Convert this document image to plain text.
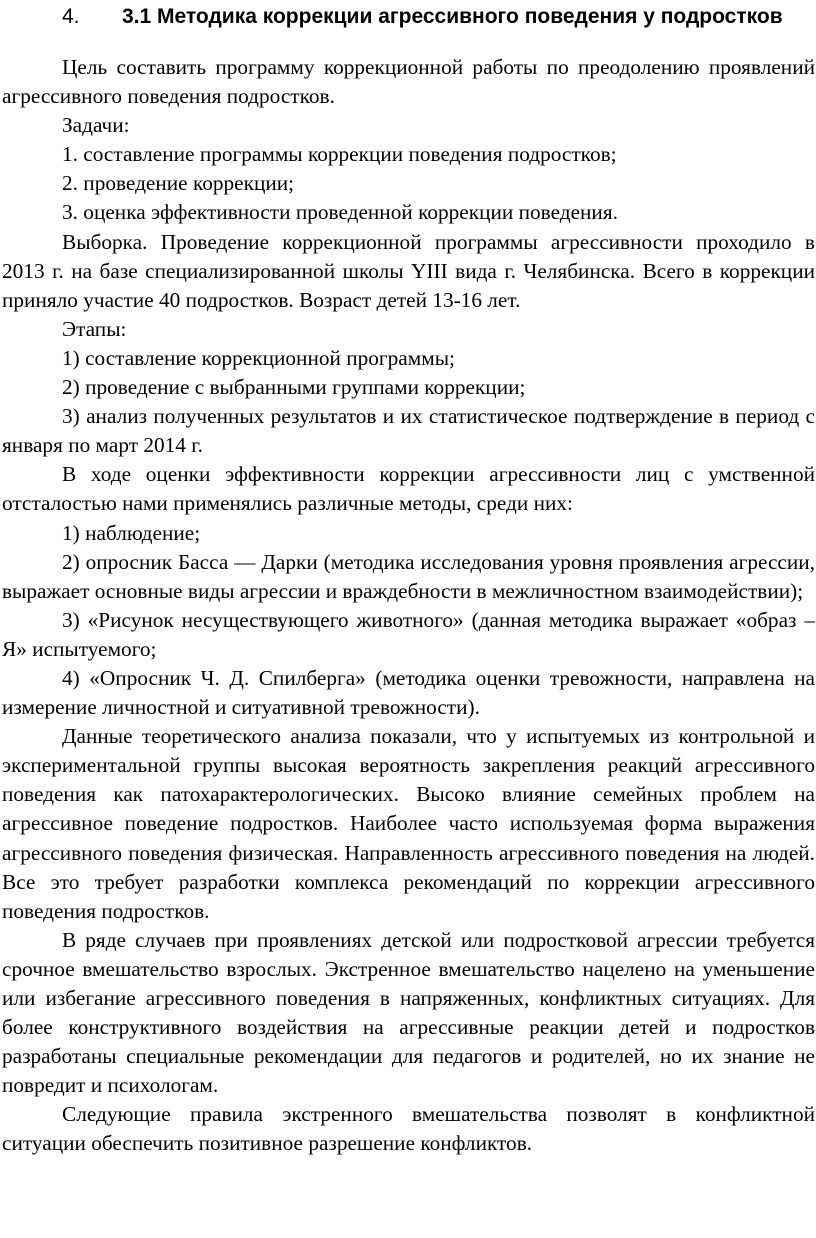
4. 3.1 Методика коррекции агрессивного поведения у подростков

Цель составить программу коррекционной работы по преодолению проявлений агрессивного поведения подростков.

Задачи:

1. составление программы коррекции поведения подростков;

2. проведение коррекции;

3. оценка эффективности проведенной коррекции поведения.

Выборка. Проведение коррекционной программы агрессивности проходило в 2013 г. на базе специализированной школы YIII вида г. Челябинска. Всего в коррекции приняло участие 40 подростков. Возраст детей 13-16 лет.

Этапы:

1) составление коррекционной программы;

2) проведение с выбранными группами коррекции;

3) анализ полученных результатов и их статистическое подтверждение в период с января по март 2014 г.

В ходе оценки эффективности коррекции агрессивности лиц с умственной отсталостью нами применялись различные методы, среди них:

1) наблюдение;

2) опросник Басса — Дарки (методика исследования уровня проявления агрессии, выражает основные виды агрессии и враждебности в межличностном взаимодействии);

3) «Рисунок несуществующего животного» (данная методика выражает «образ – Я» испытуемого;

4) «Опросник Ч. Д. Спилберга» (методика оценки тревожности, направлена на измерение личностной и ситуативной тревожности).

Данные теоретического анализа показали, что у испытуемых из контрольной и экспериментальной группы высокая вероятность закрепления реакций агрессивного поведения как патохарактерологических. Высоко влияние семейных проблем на агрессивное поведение подростков. Наиболее часто используемая форма выражения агрессивного поведения физическая. Направленность агрессивного поведения на людей. Все это требует разработки комплекса рекомендаций по коррекции агрессивного поведения подростков.

В ряде случаев при проявлениях детской или подростковой агрессии требуется срочное вмешательство взрослых. Экстренное вмешательство нацелено на уменьшение или избегание агрессивного поведения в напряженных, конфликтных ситуациях. Для более конструктивного воздействия на агрессивные реакции детей и подростков разработаны специальные рекомендации для педагогов и родителей, но их знание не повредит и психологам.

Следующие правила экстренного вмешательства позволят в конфликтной ситуации обеспечить позитивное разрешение конфликтов.
